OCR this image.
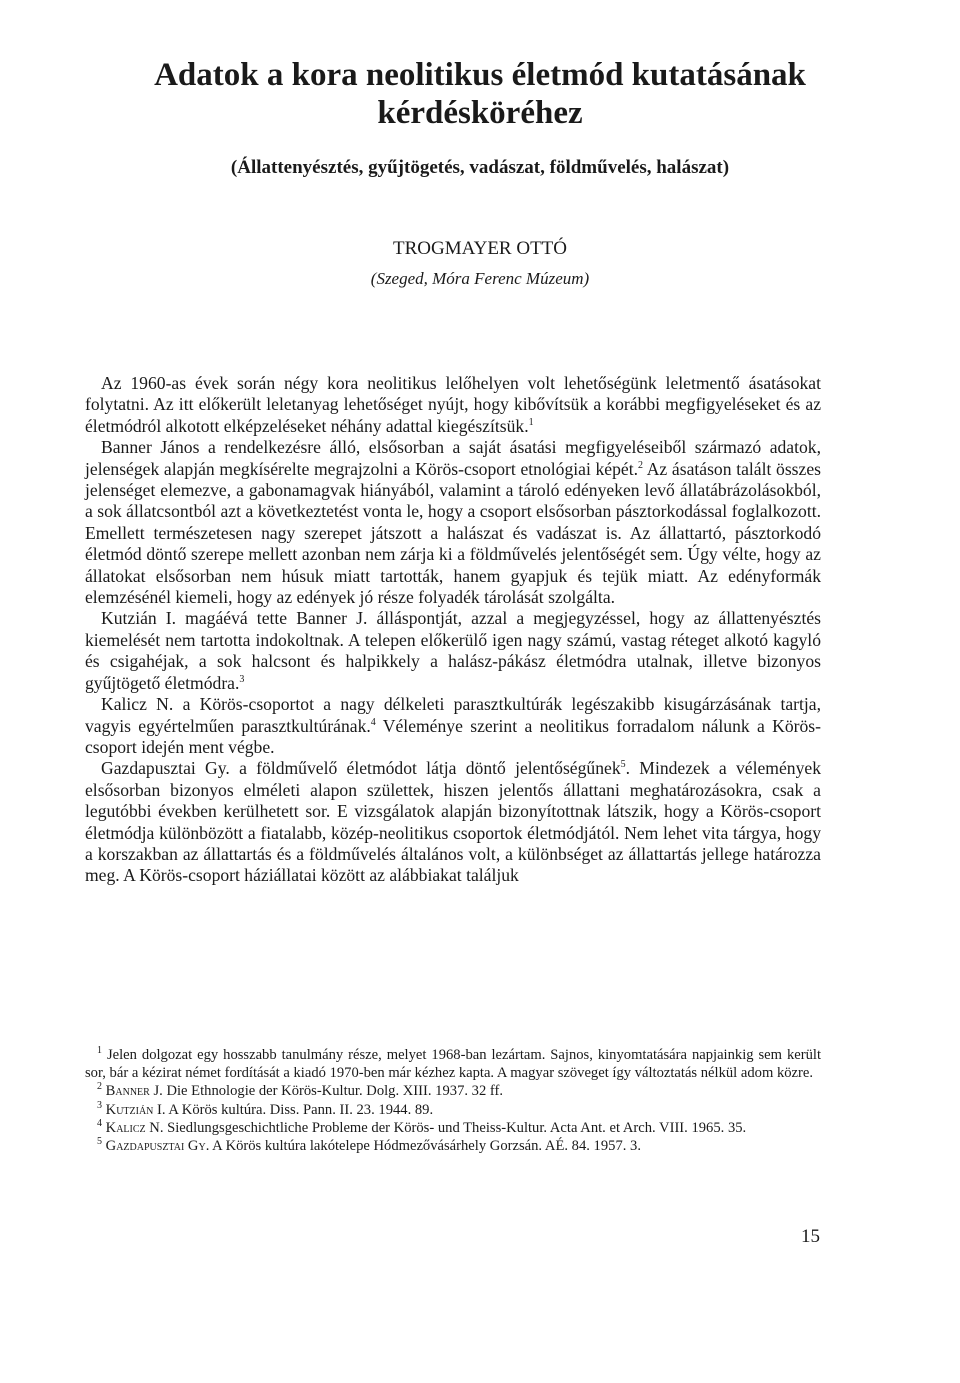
Adatok a kora neolitikus életmód kutatásának
kérdésköréhez
(Állattenyésztés, gyűjtögetés, vadászat, földművelés, halászat)
TROGMAYER OTTÓ
(Szeged, Móra Ferenc Múzeum)

Az 1960-as évek során négy kora neolitikus lelőhelyen volt lehetőségünk leletmentő ásatásokat folytatni. Az itt előkerült leletanyag lehetőséget nyújt, hogy kibővítsük a korábbi megfigyeléseket és az életmódról alkotott elképzeléseket néhány adattal kiegészítsük.$^1$

Banner János a rendelkezésre álló, elsősorban a saját ásatási megfigyeléseiből származó adatok, jelenségek alapján megkísérelte megrajzolni a Körös-csoport etnológiai képét.$^2$ Az ásatáson talált összes jelenséget elemezve, a gabonamagvak hiányából, valamint a tároló edényeken levő állatábrázolásokból, a sok állatcsontból azt a következtetést vonta le, hogy a csoport elsősorban pásztorkodással foglalkozott. Emellett természetesen nagy szerepet játszott a halászat és vadászat is. Az állattartó, pásztorkodó életmód döntő szerepe mellett azonban nem zárja ki a földművelés jelentőségét sem. Úgy vélte, hogy az állatokat elsősorban nem húsuk miatt tartották, hanem gyapjuk és tejük miatt. Az edényformák elemzésénél kiemeli, hogy az edények jó része folyadék tárolását szolgálta.

Kutzián I. magáévá tette Banner J. álláspontját, azzal a megjegyzéssel, hogy az állattenyésztés kiemelését nem tartotta indokoltnak. A telepen előkerülő igen nagy számú, vastag réteget alkotó kagyló és csigahéjak, a sok halcsont és halpikkely a halász-pákász életmódra utalnak, illetve bizonyos gyűjtögető életmódra.$^3$

Kalicz N. a Körös-csoportot a nagy délkeleti parasztkultúrák legészakibb kisugárzásának tartja, vagyis egyértelműen parasztkultúrának.$^4$ Véleménye szerint a neolitikus forradalom nálunk a Körös-csoport idején ment végbe.

Gazdapusztai Gy. a földművelő életmódot látja döntő jelentőségűnek$^5$. Mindezek a vélemények elsősorban bizonyos elméleti alapon születtek, hiszen jelentős állattani meghatározásokra, csak a legutóbbi években kerülhetett sor. E vizsgálatok alapján bizonyítottnak látszik, hogy a Körös-csoport életmódja különbözött a fiatalabb, közép-neolitikus csoportok életmódjától. Nem lehet vita tárgya, hogy a korszakban az állattartás és a földművelés általános volt, a különbséget az állattartás jellege határozza meg. A Körös-csoport háziállatai között az alábbiakat találjuk

$^1$ Jelen dolgozat egy hosszabb tanulmány része, melyet 1968-ban lezártam. Sajnos, kinyomtatására napjainkig sem került sor, bár a kézirat német fordítását a kiadó 1970-ben már kézhez kapta. A magyar szöveget így változtatás nélkül adom közre.

$^2$ Banner J. Die Ethnologie der Körös-Kultur. Dolg. XIII. 1937. 32 ff.

$^3$ Kutzián I. A Körös kultúra. Diss. Pann. II. 23. 1944. 89.

$^4$ Kalicz N. Siedlungsgeschichtliche Probleme der Körös- und Theiss-Kultur. Acta Ant. et Arch. VIII. 1965. 35.

$^5$ Gazdapusztai Gy. A Körös kultúra lakótelepe Hódmezővásárhely Gorzsán. AÉ. 84. 1957. 3.

15
